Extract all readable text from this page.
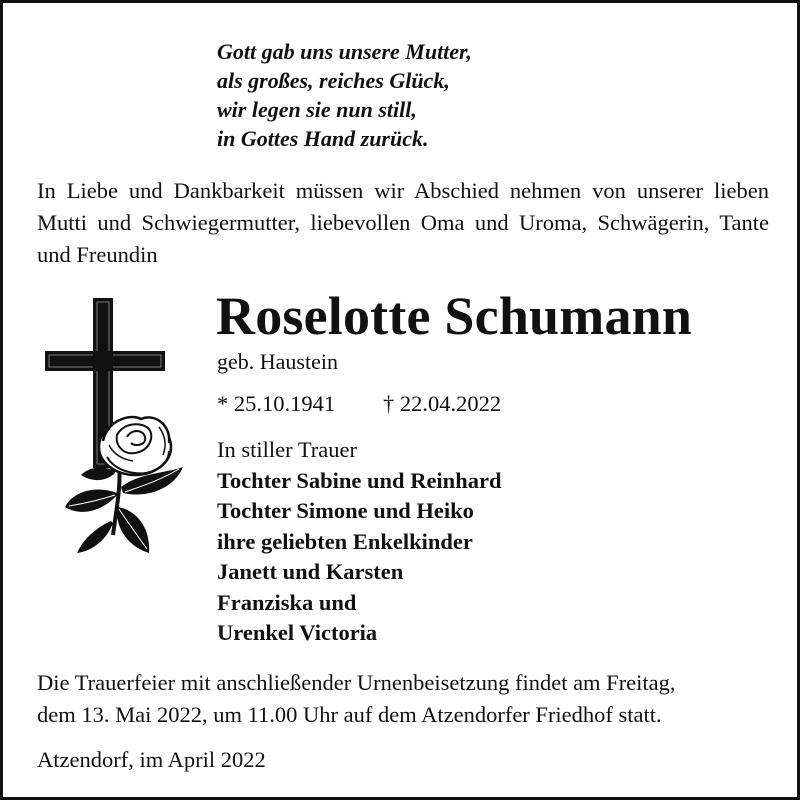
Gott gab uns unsere Mutter,
als großes, reiches Glück,
wir legen sie nun still,
in Gottes Hand zurück.
In Liebe und Dankbarkeit müssen wir Abschied nehmen von unserer lieben Mutti und Schwiegermutter, liebevollen Oma und Uroma, Schwägerin, Tante und Freundin
Roselotte Schumann
geb. Haustein
* 25.10.1941 † 22.04.2022
In stiller Trauer
Tochter Sabine und Reinhard
Tochter Simone und Heiko
ihre geliebten Enkelkinder
Janett und Karsten
Franziska und
Urenkel Victoria
Die Trauerfeier mit anschließender Urnenbeisetzung findet am Freitag,
dem 13. Mai 2022, um 11.00 Uhr auf dem Atzendorfer Friedhof statt.
Atzendorf, im April 2022
